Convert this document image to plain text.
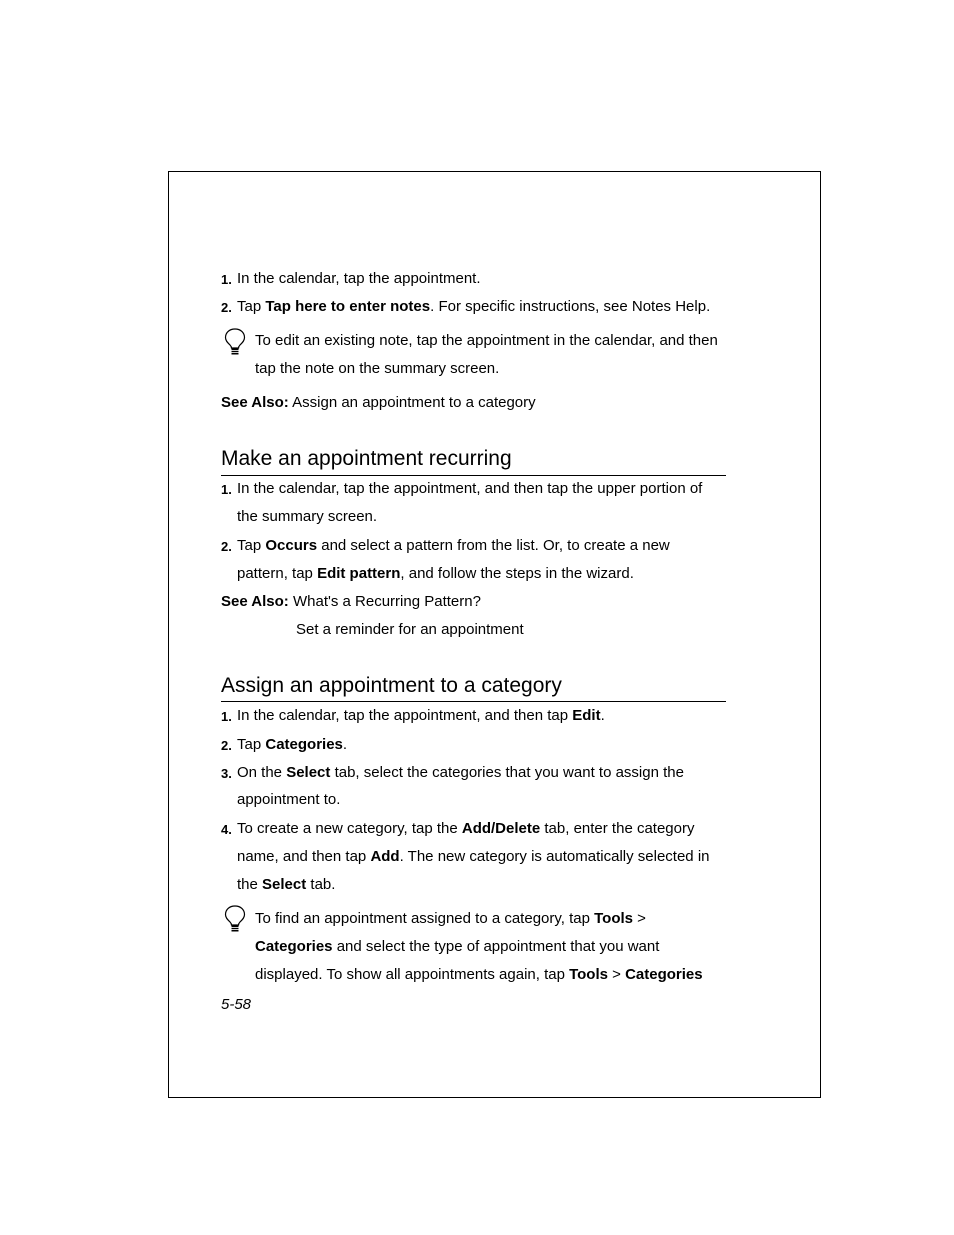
1. In the calendar, tap the appointment.
2. Tap Tap here to enter notes. For specific instructions, see Notes Help.
To edit an existing note, tap the appointment in the calendar, and then
tap the note on the summary screen.
See Also: Assign an appointment to a category
Make an appointment recurring
1. In the calendar, tap the appointment, and then tap the upper portion of
the summary screen.
2. Tap Occurs and select a pattern from the list. Or, to create a new
pattern, tap Edit pattern, and follow the steps in the wizard.
See Also: What's a Recurring Pattern?
Set a reminder for an appointment
Assign an appointment to a category
1. In the calendar, tap the appointment, and then tap Edit.
2. Tap Categories.
3. On the Select tab, select the categories that you want to assign the
appointment to.
4. To create a new category, tap the Add/Delete tab, enter the category
name, and then tap Add. The new category is automatically selected in
the Select tab.
To find an appointment assigned to a category, tap Tools >
Categories and select the type of appointment that you want
displayed. To show all appointments again, tap Tools > Categories
5-58
